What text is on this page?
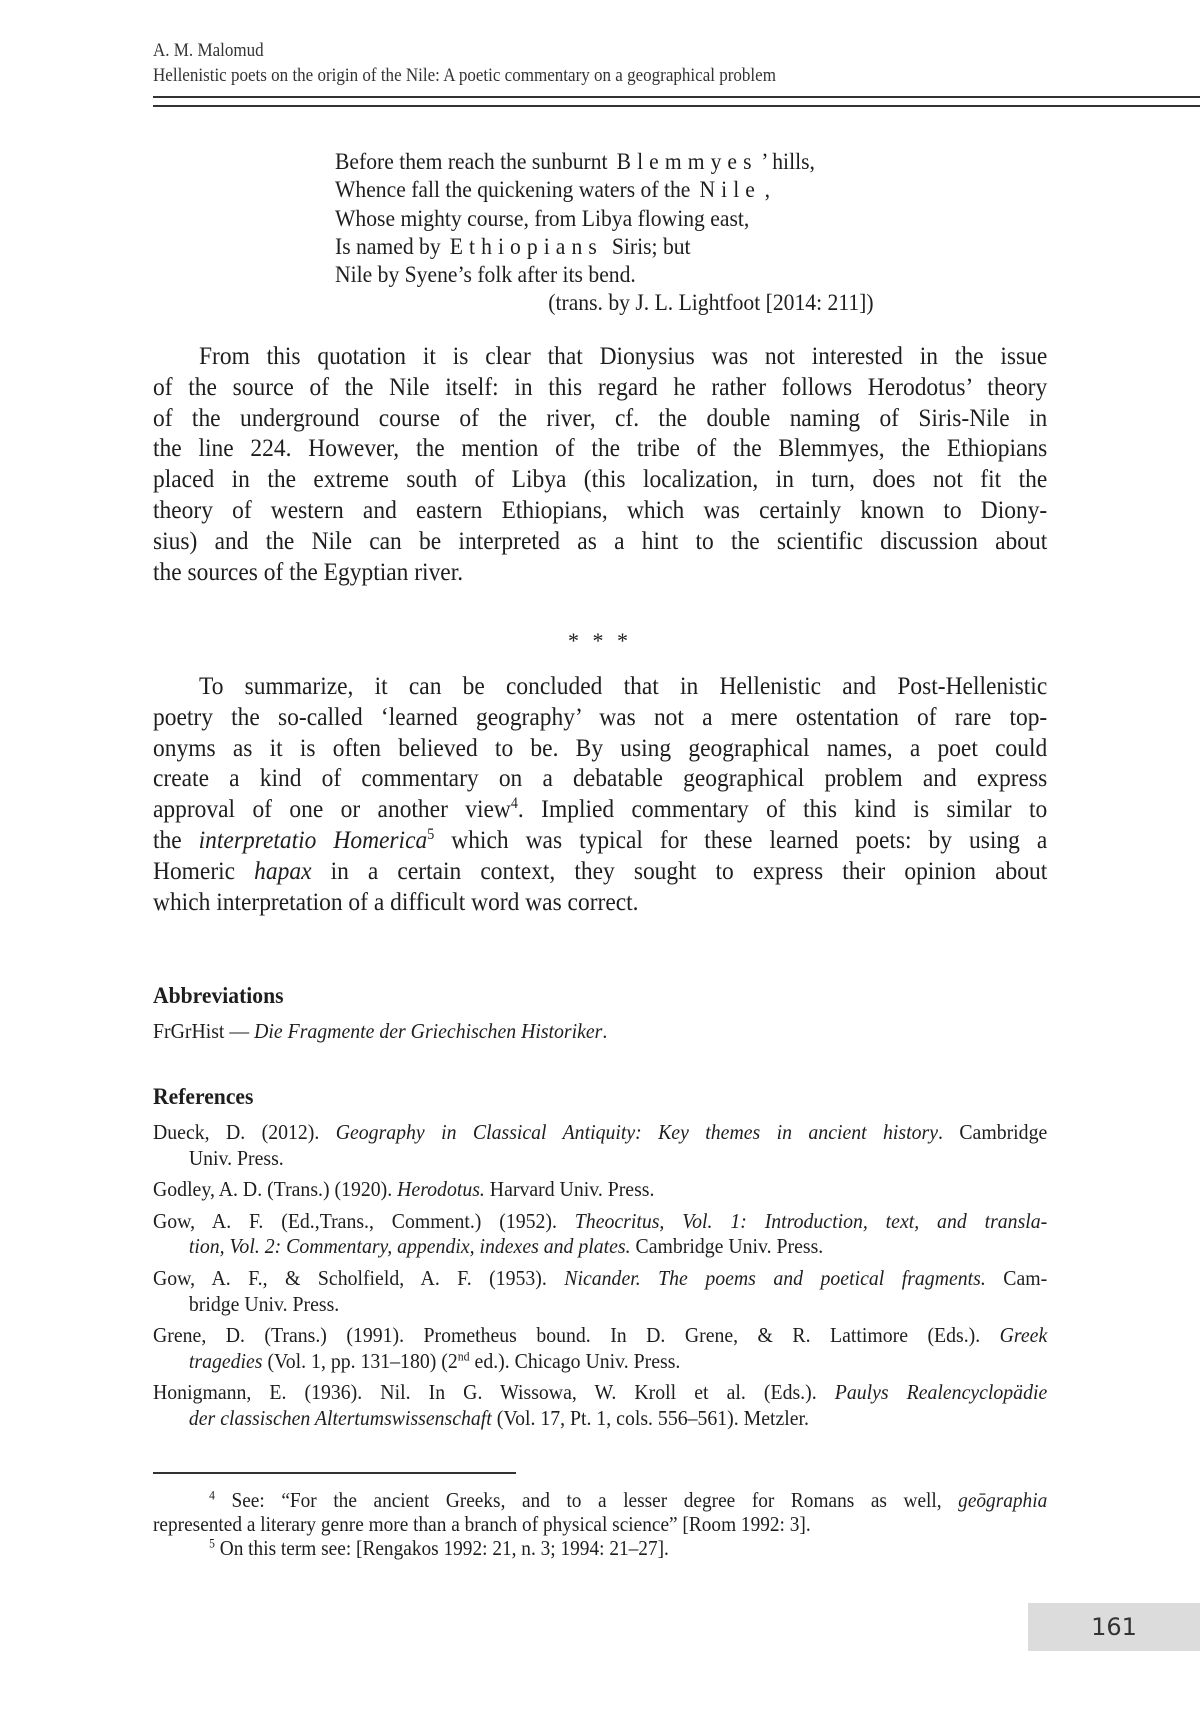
A. M. Malomud
Hellenistic poets on the origin of the Nile: A poetic commentary on a geographical problem
Before them reach the sunburnt Blemmyes ’ hills,
Whence fall the quickening waters of the Nile ,
Whose mighty course, from Libya flowing east,
Is named by Ethiopians Siris; but
Nile by Syene’s folk after its bend.
(trans. by J. L. Lightfoot [2014: 211])
From this quotation it is clear that Dionysius was not interested in the issue
of the source of the Nile itself: in this regard he rather follows Herodotus’ theory
of the underground course of the river, cf. the double naming of Siris-Nile in
the line 224. However, the mention of the tribe of the Blemmyes, the Ethiopians
placed in the extreme south of Libya (this localization, in turn, does not fit the
theory of western and eastern Ethiopians, which was certainly known to Diony-
sius) and the Nile can be interpreted as a hint to the scientific discussion about
the sources of the Egyptian river.
* * *
To summarize, it can be concluded that in Hellenistic and Post-Hellenistic
poetry the so-called ‘learned geography’ was not a mere ostentation of rare top-
onyms as it is often believed to be. By using geographical names, a poet could
create a kind of commentary on a debatable geographical problem and express
approval of one or another view4. Implied commentary of this kind is similar to
the interpretatio Homerica5 which was typical for these learned poets: by using a
Homeric hapax in a certain context, they sought to express their opinion about
which interpretation of a difficult word was correct.
Abbreviations
FrGrHist — Die Fragmente der Griechischen Historiker.
References
Dueck, D. (2012). Geography in Classical Antiquity: Key themes in ancient history. Cambridge
Univ. Press.
Godley, A. D. (Trans.) (1920). Herodotus. Harvard Univ. Press.
Gow, A. F. (Ed.,Trans., Comment.) (1952). Theocritus, Vol. 1: Introduction, text, and transla-
tion, Vol. 2: Commentary, appendix, indexes and plates. Cambridge Univ. Press.
Gow, A. F., & Scholfield, A. F. (1953). Nicander. The poems and poetical fragments. Cam-
bridge Univ. Press.
Grene, D. (Trans.) (1991). Prometheus bound. In D. Grene, & R. Lattimore (Eds.). Greek
tragedies (Vol. 1, pp. 131–180) (2nd ed.). Chicago Univ. Press.
Honigmann, E. (1936). Nil. In G. Wissowa, W. Kroll et al. (Eds.). Paulys Realencyclopädie
der classischen Altertumswissenschaft (Vol. 17, Pt. 1, cols. 556–561). Metzler.
4 See: “For the ancient Greeks, and to a lesser degree for Romans as well, geōgraphia
represented a literary genre more than a branch of physical science” [Room 1992: 3].
5 On this term see: [Rengakos 1992: 21, n. 3; 1994: 21–27].
161
